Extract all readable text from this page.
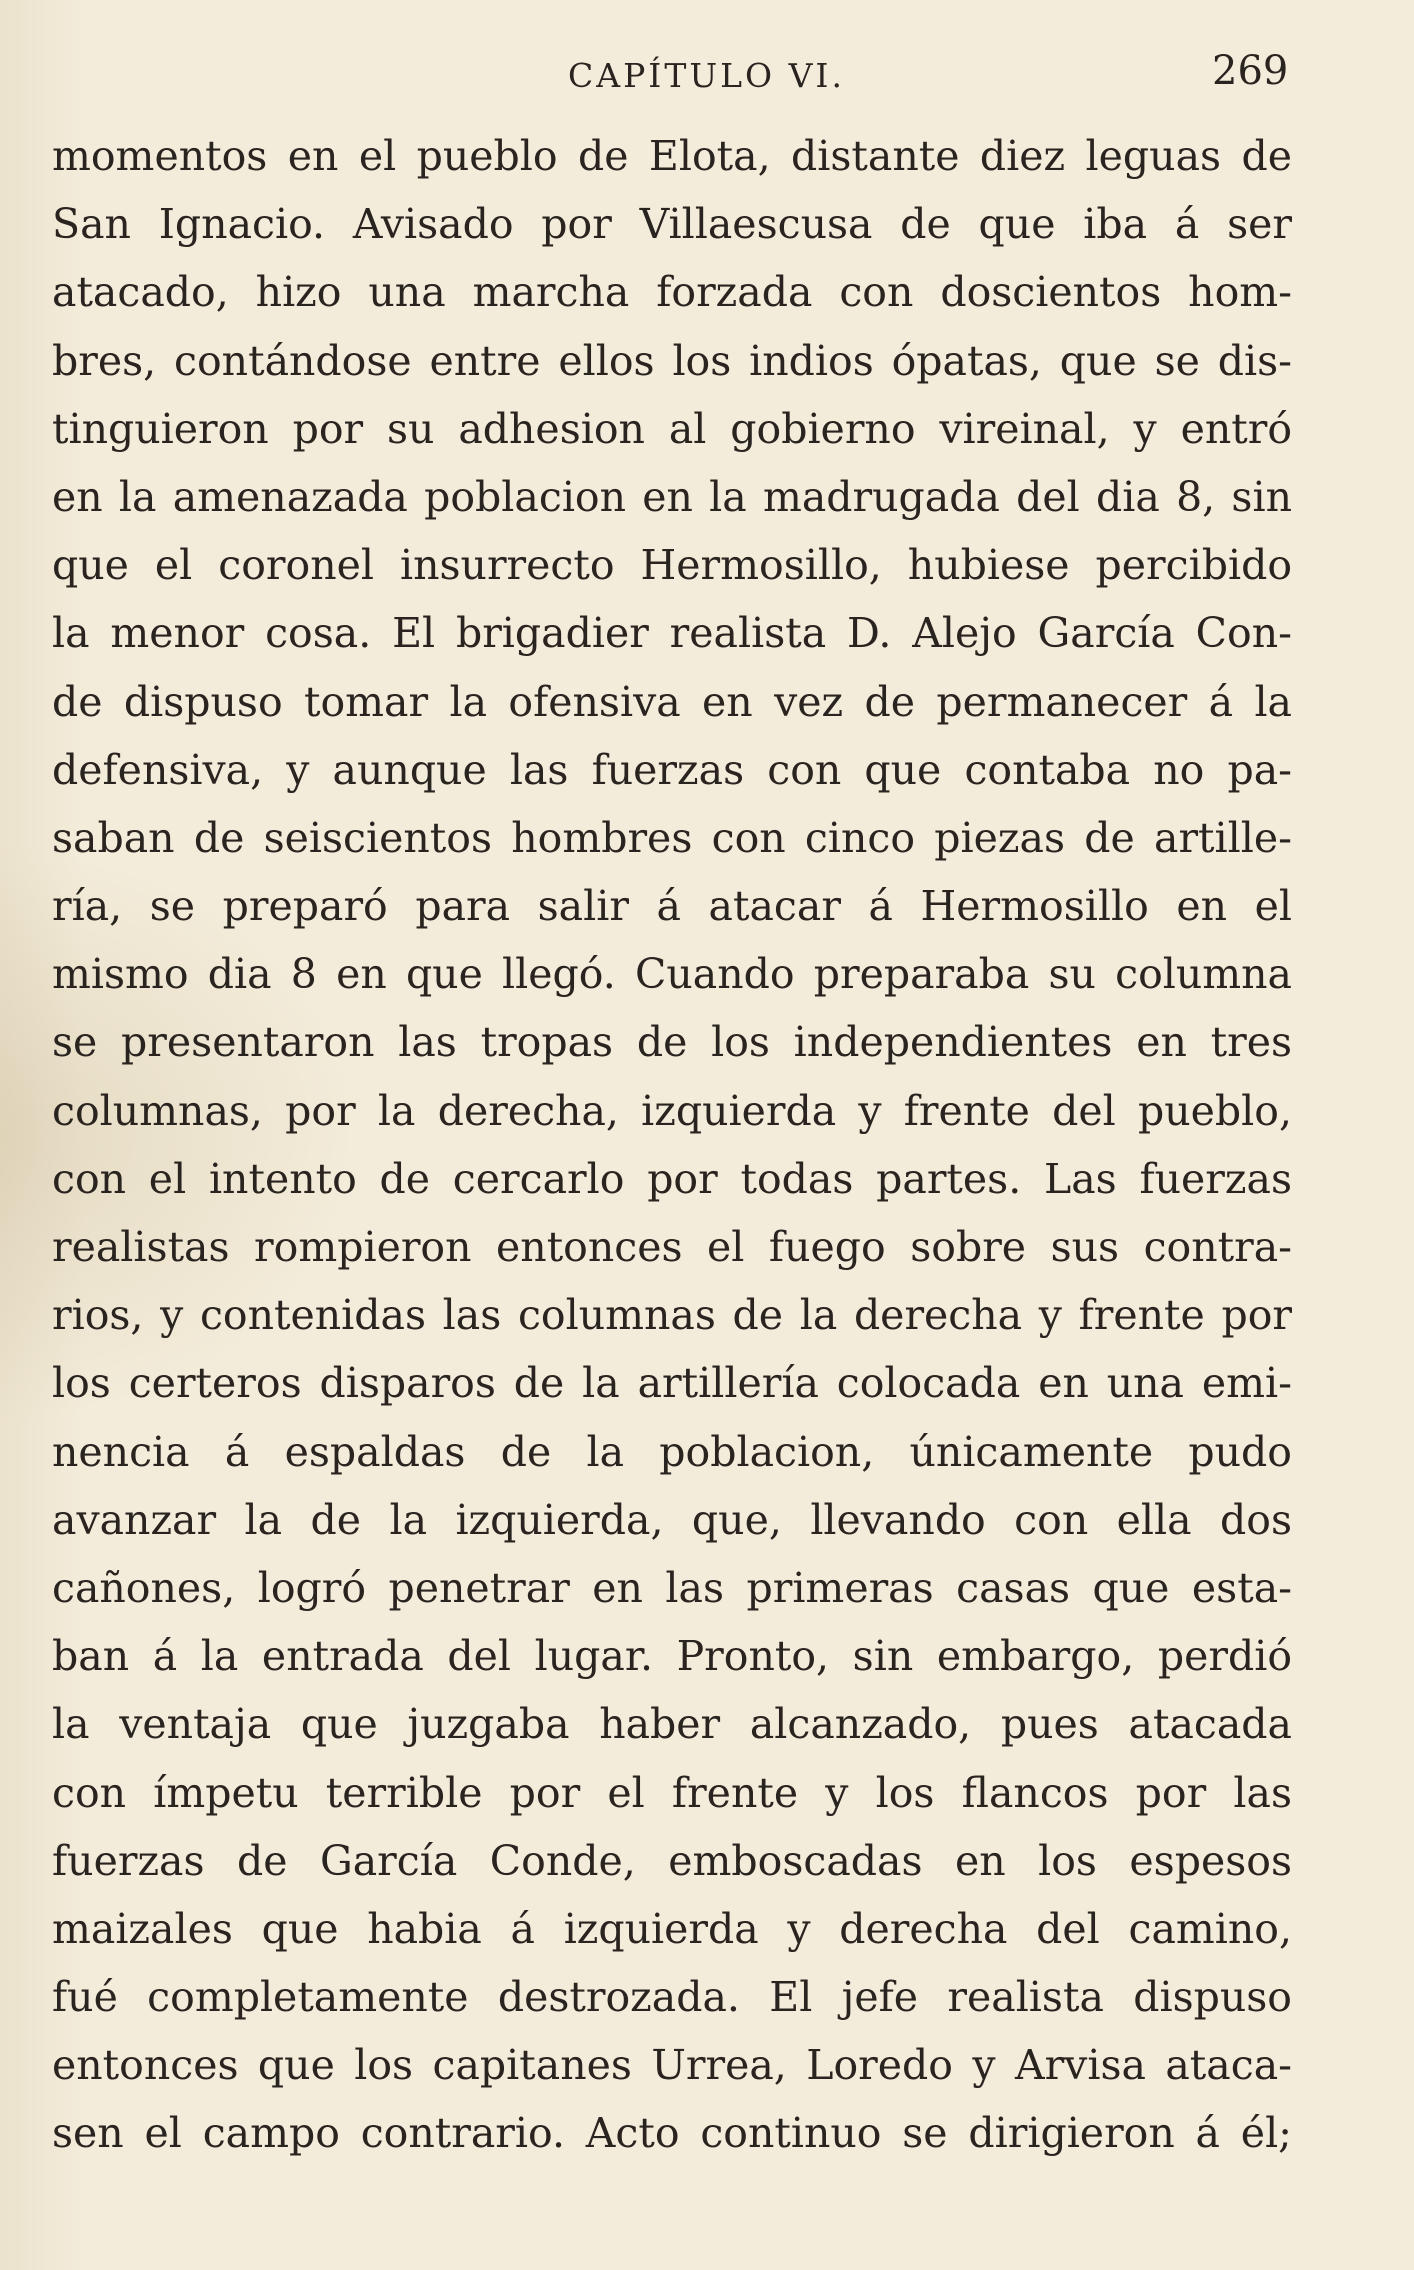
CAPÍTULO VI.	269
momentos en el pueblo de Elota, distante diez leguas de
San Ignacio. Avisado por Villaescusa de que iba á ser
atacado, hizo una marcha forzada con doscientos hom-
bres, contándose entre ellos los indios ópatas, que se dis-
tinguieron por su adhesion al gobierno vireinal, y entró
en la amenazada poblacion en la madrugada del dia 8, sin
que el coronel insurrecto Hermosillo, hubiese percibido
la menor cosa. El brigadier realista D. Alejo García Con-
de dispuso tomar la ofensiva en vez de permanecer á la
defensiva, y aunque las fuerzas con que contaba no pa-
saban de seiscientos hombres con cinco piezas de artille-
ría, se preparó para salir á atacar á Hermosillo en el
mismo dia 8 en que llegó. Cuando preparaba su columna
se presentaron las tropas de los independientes en tres
columnas, por la derecha, izquierda y frente del pueblo,
con el intento de cercarlo por todas partes. Las fuerzas
realistas rompieron entonces el fuego sobre sus contra-
rios, y contenidas las columnas de la derecha y frente por
los certeros disparos de la artillería colocada en una emi-
nencia á espaldas de la poblacion, únicamente pudo
avanzar la de la izquierda, que, llevando con ella dos
cañones, logró penetrar en las primeras casas que esta-
ban á la entrada del lugar. Pronto, sin embargo, perdió
la ventaja que juzgaba haber alcanzado, pues atacada
con ímpetu terrible por el frente y los flancos por las
fuerzas de García Conde, emboscadas en los espesos
maizales que habia á izquierda y derecha del camino,
fué completamente destrozada. El jefe realista dispuso
entonces que los capitanes Urrea, Loredo y Arvisa ataca-
sen el campo contrario. Acto continuo se dirigieron á él;
